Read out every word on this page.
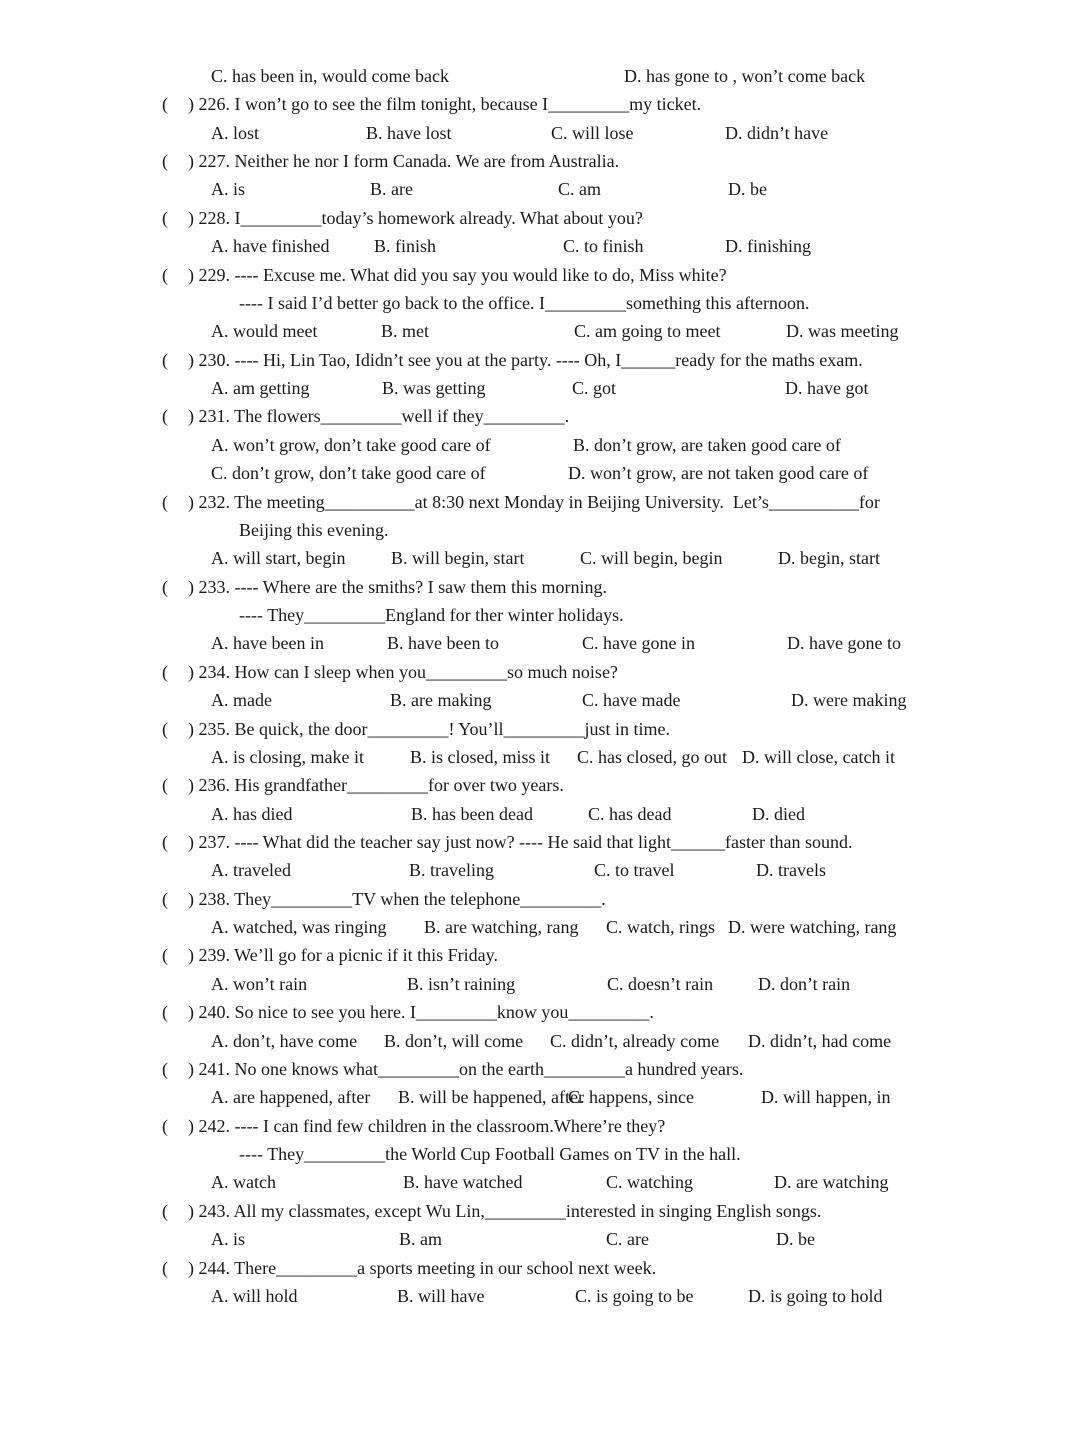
C. has been in, would come back	D. has gone to , won’t come back
( ) 226. I won’t go to see the film tonight, because I_________my ticket.
A. lost	B. have lost	C. will lose	D. didn’t have
( ) 227. Neither he nor I form Canada. We are from Australia.
A. is	B. are	C. am	D. be
( ) 228. I_________today’s homework already. What about you?
A. have finished B. finish	C. to finish	D. finishing
( ) 229. ---- Excuse me. What did you say you would like to do, Miss white?
---- I said I’d better go back to the office. I_________something this afternoon.
A. would meet	B. met	C. am going to meet	D. was meeting
( ) 230. ---- Hi, Lin Tao, Ididn’t see you at the party. ---- Oh, I______ready for the maths exam.
A. am getting	B. was getting	C. got	D. have got
( ) 231. The flowers_________well if they_________.
A. won’t grow, don’t take good care of	B. don’t grow, are taken good care of
C. don’t grow, don’t take good care of	D. won’t grow, are not taken good care of
( ) 232. The meeting__________at 8:30 next Monday in Beijing University.  Let’s__________for
Beijing this evening.
A. will start, begin	B. will begin, start	C. will begin, begin	D. begin, start
( ) 233. ---- Where are the smiths? I saw them this morning.
---- They_________England for ther winter holidays.
A. have been in	B. have been to	C. have gone in	D. have gone to
( ) 234. How can I sleep when you_________so much noise?
A. made	B. are making	C. have made	D. were making
( ) 235. Be quick, the door_________! You’ll_________just in time.
A. is closing, make it	B. is closed, miss it C. has closed, go out D. will close, catch it
( ) 236. His grandfather_________for over two years.
A. has died	B. has been dead	C. has dead	D. died
( ) 237. ---- What did the teacher say just now? ---- He said that light______faster than sound.
A. traveled	B. traveling	C. to travel	D. travels
( ) 238. They_________TV when the telephone_________.
A. watched, was ringing B. are watching, rang C. watch, rings D. were watching, rang
( ) 239. We’ll go for a picnic if it this Friday.
A. won’t rain	B. isn’t raining	C. doesn’t rain D. don’t rain
( ) 240. So nice to see you here. I_________know you_________.
A. don’t, have come B. don’t, will come C. didn’t, already come D. didn’t, had come
( ) 241. No one knows what_________on the earth_________a hundred years.
A. are happened, after B. will be happened, after
C. happens, since	D. will happen, in
( ) 242. ---- I can find few children in the classroom.Where’re they?
---- They_________the World Cup Football Games on TV in the hall.
A. watch	B. have watched	C. watching	D. are watching
( ) 243. All my classmates, except Wu Lin,_________interested in singing English songs.
A. is	B. am	C. are	D. be
( ) 244. There_________a sports meeting in our school next week.
A. will hold	B. will have	C. is going to be	D. is going to hold
